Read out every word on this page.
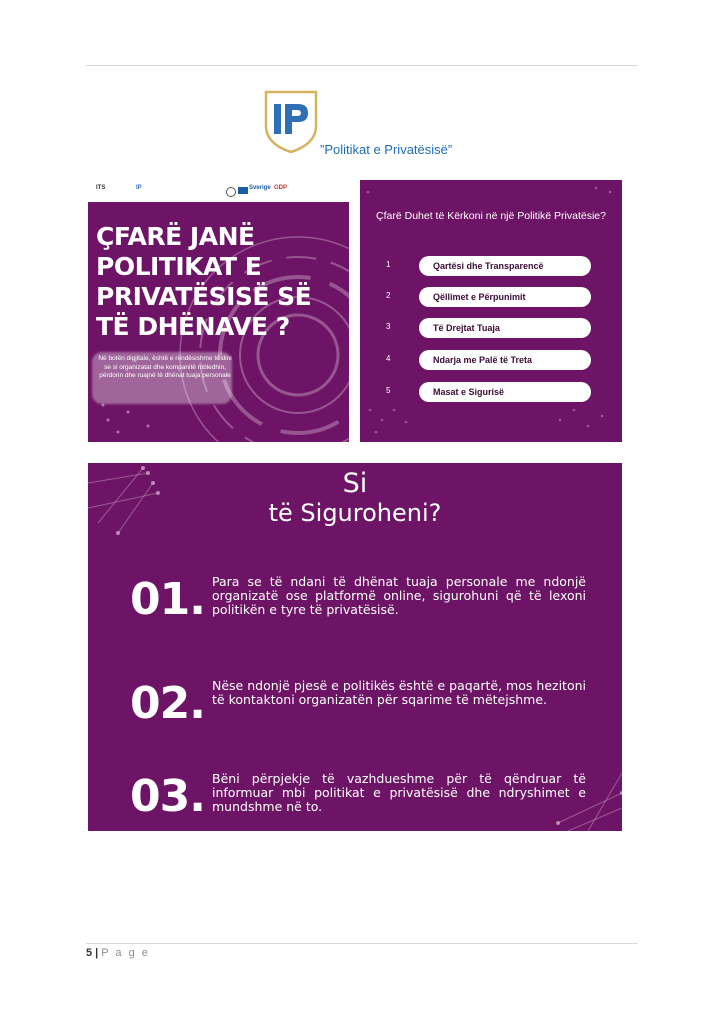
”Politikat e Privatësisë”
ITS	IP	Sverige GDP
ÇFARË JANË
POLITIKAT E
PRIVATËSISË SË
TË DHËNAVE ?
Në botën digjitale, është e rëndësishme të dini se si organizatat dhe kompanitë mbledhin, përdorin dhe ruajnë të dhënat tuaja personale
Çfarë Duhet të Kërkoni në një Politikë Privatësie?
1	Qartësi dhe Transparencë
2	Qëllimet e Përpunimit
3	Të Drejtat Tuaja
4	Ndarja me Palë të Treta
5	Masat e Sigurisë
Si
të Siguroheni?
01. Para se të ndani të dhënat tuaja personale me ndonjë organizatë ose platformë online, sigurohuni që të lexoni politikën e tyre të privatësisë.
02. Nëse ndonjë pjesë e politikës është e paqartë, mos hezitoni të kontaktoni organizatën për sqarime të mëtejshme.
03. Bëni përpjekje të vazhdueshme për të qëndruar të informuar mbi politikat e privatësisë dhe ndryshimet e mundshme në to.
5 | P a g e
